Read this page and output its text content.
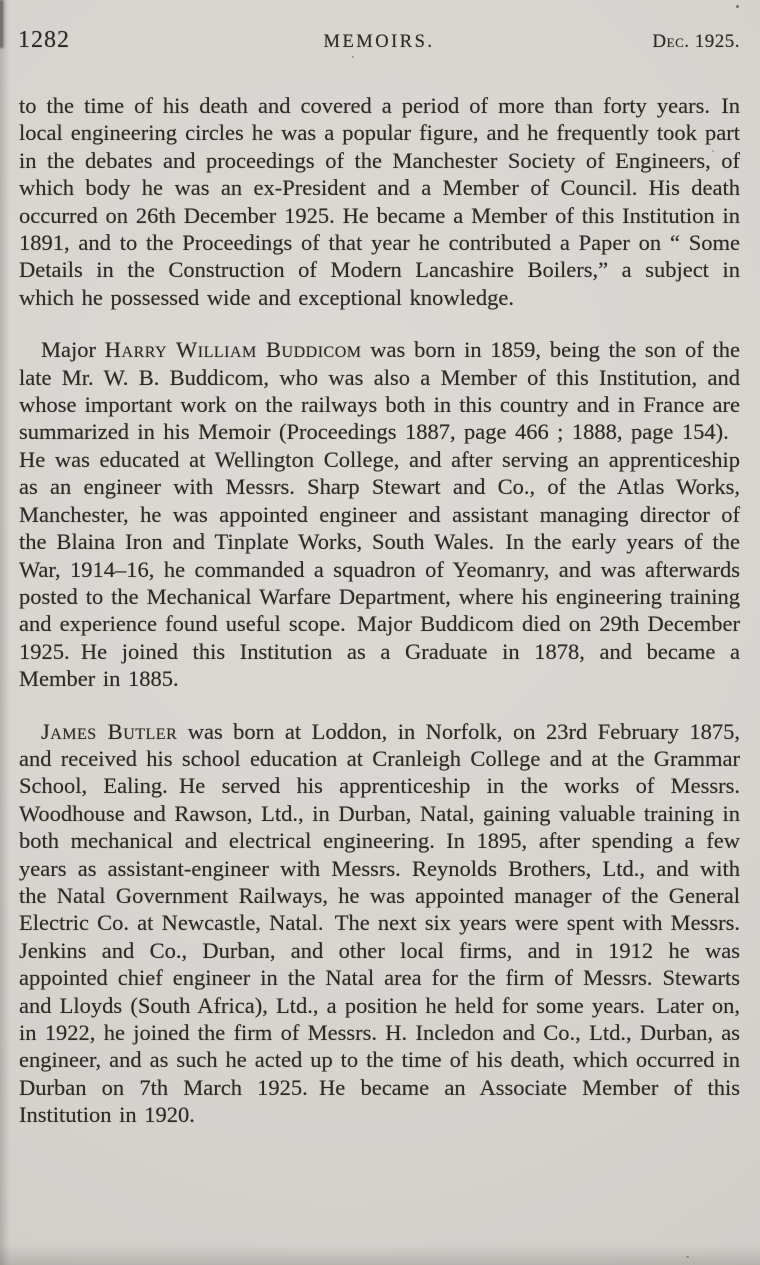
1282	MEMOIRS.	Dec. 1925.

to the time of his death and covered a period of more than forty years. In local engineering circles he was a popular figure, and he frequently took part in the debates and proceedings of the Manchester Society of Engineers, of which body he was an ex-President and a Member of Council. His death occurred on 26th December 1925. He became a Member of this Institution in 1891, and to the Proceedings of that year he contributed a Paper on “ Some Details in the Construction of Modern Lancashire Boilers,” a subject in which he possessed wide and exceptional knowledge.

Major Harry William Buddicom was born in 1859, being the son of the late Mr. W. B. Buddicom, who was also a Member of this Institution, and whose important work on the railways both in this country and in France are summarized in his Memoir (Proceedings 1887, page 466 ; 1888, page 154). He was educated at Wellington College, and after serving an apprenticeship as an engineer with Messrs. Sharp Stewart and Co., of the Atlas Works, Manchester, he was appointed engineer and assistant managing director of the Blaina Iron and Tinplate Works, South Wales. In the early years of the War, 1914–16, he commanded a squadron of Yeomanry, and was afterwards posted to the Mechanical Warfare Department, where his engineering training and experience found useful scope. Major Buddicom died on 29th December 1925. He joined this Institution as a Graduate in 1878, and became a Member in 1885.

James Butler was born at Loddon, in Norfolk, on 23rd February 1875, and received his school education at Cranleigh College and at the Grammar School, Ealing. He served his apprenticeship in the works of Messrs. Woodhouse and Rawson, Ltd., in Durban, Natal, gaining valuable training in both mechanical and electrical engineering. In 1895, after spending a few years as assistant-engineer with Messrs. Reynolds Brothers, Ltd., and with the Natal Government Railways, he was appointed manager of the General Electric Co. at Newcastle, Natal. The next six years were spent with Messrs. Jenkins and Co., Durban, and other local firms, and in 1912 he was appointed chief engineer in the Natal area for the firm of Messrs. Stewarts and Lloyds (South Africa), Ltd., a position he held for some years. Later on, in 1922, he joined the firm of Messrs. H. Incledon and Co., Ltd., Durban, as engineer, and as such he acted up to the time of his death, which occurred in Durban on 7th March 1925. He became an Associate Member of this Institution in 1920.
